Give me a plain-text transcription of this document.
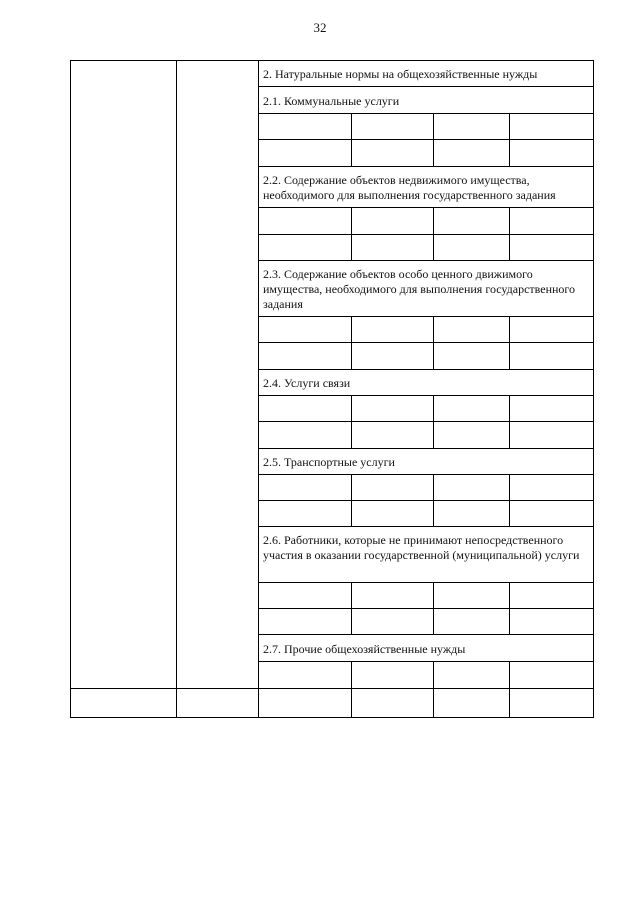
32
2. Натуральные нормы на общехозяйственные нужды
2.1. Коммунальные услуги
2.2. Содержание объектов недвижимого имущества, необходимого для выполнения государственного задания
2.3. Содержание объектов особо ценного движимого имущества, необходимого для выполнения государственного задания
2.4. Услуги связи
2.5. Транспортные услуги
2.6. Работники, которые не принимают непосредственного участия в оказании государственной (муниципальной) услуги
2.7. Прочие общехозяйственные нужды
